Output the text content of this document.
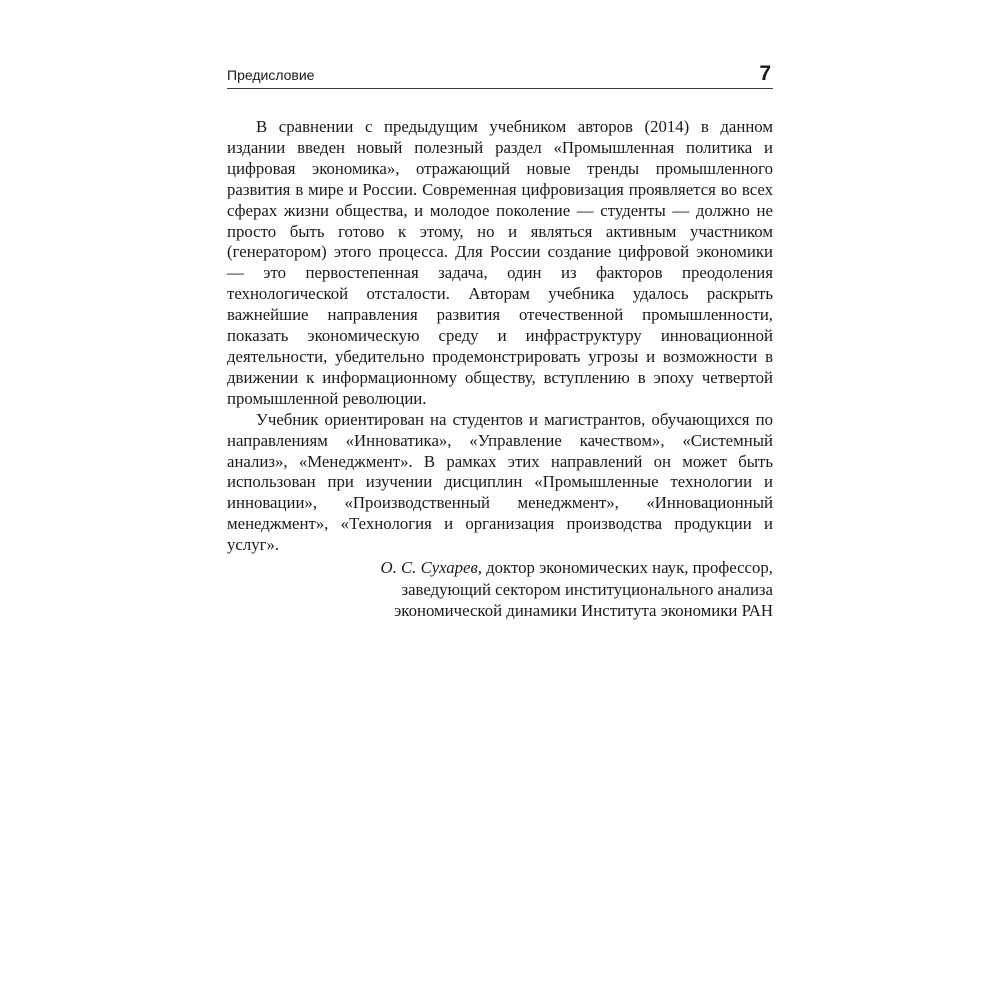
Предисловие	7

В сравнении с предыдущим учебником авторов (2014) в данном издании введен новый полезный раздел «Промышленная политика и цифровая экономика», отражающий новые тренды промышленного развития в мире и России. Современная цифровизация проявляется во всех сферах жизни общества, и молодое поколение — студенты — должно не просто быть готово к этому, но и являться активным участником (генератором) этого процесса. Для России создание цифровой экономики — это первостепенная задача, один из факторов преодоления технологической отсталости. Авторам учебника удалось раскрыть важнейшие направления развития отечественной промышленности, показать экономическую среду и инфраструктуру инновационной деятельности, убедительно продемонстрировать угрозы и возможности в движении к информационному обществу, вступлению в эпоху четвертой промышленной революции.

Учебник ориентирован на студентов и магистрантов, обучающихся по направлениям «Инноватика», «Управление качеством», «Системный анализ», «Менеджмент». В рамках этих направлений он может быть использован при изучении дисциплин «Промышленные технологии и инновации», «Производственный менеджмент», «Инновационный менеджмент», «Технология и организация производства продукции и услуг».

О. С. Сухарев, доктор экономических наук, профессор,
заведующий сектором институционального анализа
экономической динамики Института экономики РАН
